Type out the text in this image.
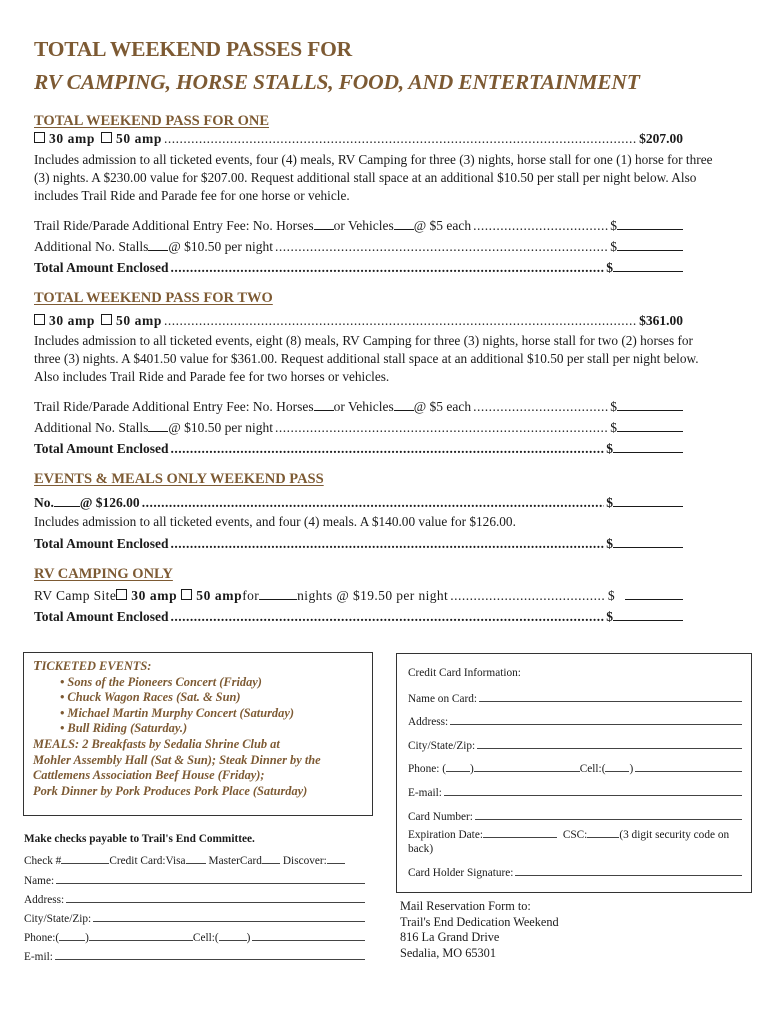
TOTAL WEEKEND PASSES FOR
RV CAMPING, HORSE STALLS, FOOD, AND ENTERTAINMENT
TOTAL WEEKEND PASS FOR ONE
30 amp	50 amp .....	$207.00
Includes admission to all ticketed events, four (4) meals, RV Camping for three (3) nights, horse stall for one (1) horse for three (3) nights. A $230.00 value for $207.00. Request additional stall space at an additional $10.50 per stall per night below. Also includes Trail Ride and Parade fee for one horse or vehicle.
Trail Ride/Parade Additional Entry Fee: No. Horses or Vehicles @ $5 each .....	$
Additional No. Stalls @ $10.50 per night .....	$
Total Amount Enclosed .....	$
TOTAL WEEKEND PASS FOR TWO
30 amp	50 amp .....	$361.00
Includes admission to all ticketed events, eight (8) meals, RV Camping for three (3) nights, horse stall for two (2) horses for three (3) nights. A $401.50 value for $361.00. Request additional stall space at an additional $10.50 per stall per night below. Also includes Trail Ride and Parade fee for two horses or vehicles.
Trail Ride/Parade Additional Entry Fee: No. Horses or Vehicles @ $5 each .....	$
Additional No. Stalls @ $10.50 per night .....	$
Total Amount Enclosed .....	$
EVENTS & MEALS ONLY WEEKEND PASS
No. @ $126.00 .....	$
Includes admission to all ticketed events, and four (4) meals. A $140.00 value for $126.00.
Total Amount Enclosed .....	$
RV CAMPING ONLY
RV Camp Site	30 amp	50 amp for	nights @ $19.50 per night .....	$
Total Amount Enclosed .....	$
TICKETED EVENTS:
• Sons of the Pioneers Concert (Friday)
• Chuck Wagon Races (Sat. & Sun)
• Michael Martin Murphy Concert (Saturday)
• Bull Riding (Saturday.)
MEALS: 2 Breakfasts by Sedalia Shrine Club at
Mohler Assembly Hall (Sat & Sun); Steak Dinner by the
Cattlemens Association Beef House (Friday);
Pork Dinner by Pork Produces Pork Place (Saturday)
Credit Card Information:
Name on Card:
Address:
City/State/Zip:
Phone: ( )	Cell:( )
E-mail:
Card Number:
Expiration Date:	CSC:	(3 digit security code on
back)
Card Holder Signature:
Make checks payable to Trail's End Committee.
Check #	Credit Card:Visa MasterCard Discover:
Name:
Address:
City/State/Zip:
Phone:( )	Cell:( )
E-mil:
Mail Reservation Form to:
Trail's End Dedication Weekend
816 La Grand Drive
Sedalia, MO 65301
